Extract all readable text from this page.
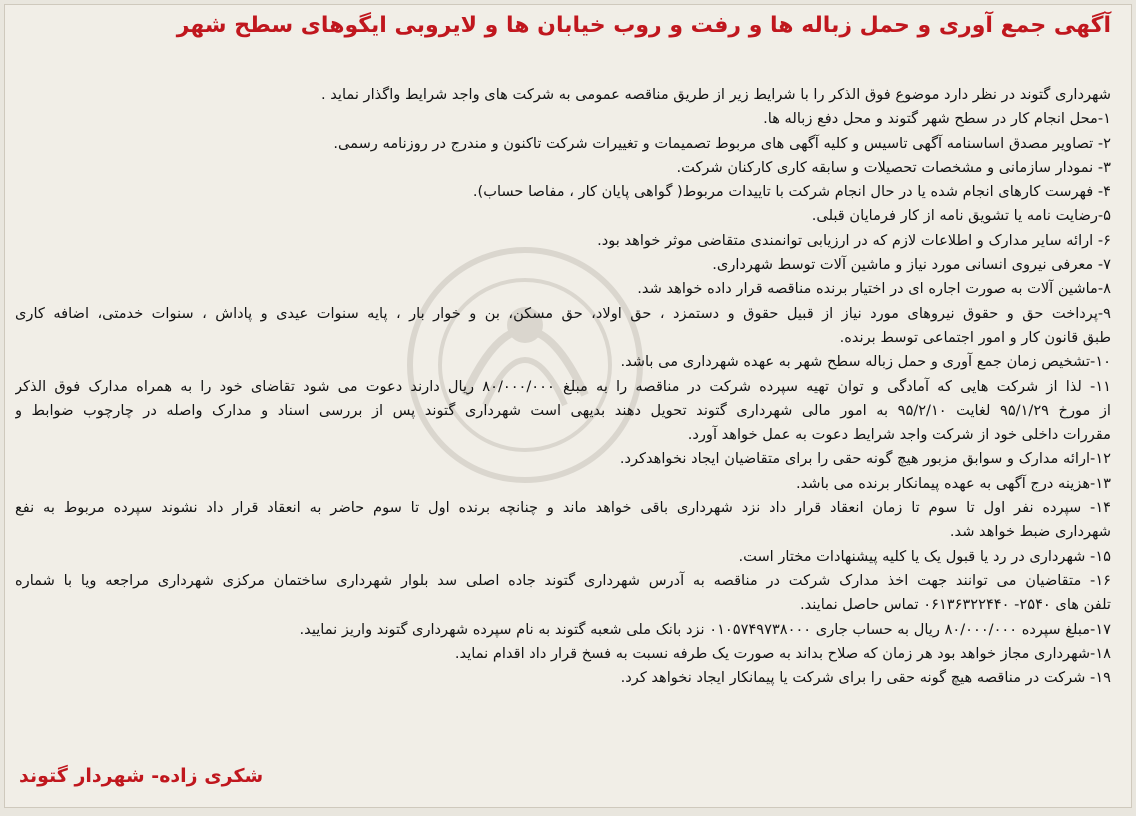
آگهی جمع آوری و حمل زباله ها و رفت و روب خیابان ها و لایروبی ایگوهای سطح شهر
شهرداری گتوند در نظر دارد موضوع فوق الذکر را با شرایط زیر از طریق مناقصه عمومی به شرکت های واجد شرایط واگذار نماید .
۱-محل انجام کار در سطح شهر گتوند و محل دفع زباله ها.
۲- تصاویر مصدق اساسنامه آگهی تاسیس و کلیه آگهی های مربوط تصمیمات و تغییرات شرکت تاکنون و مندرج در روزنامه رسمی.
۳- نمودار سازمانی و مشخصات تحصیلات و سابقه کاری کارکنان شرکت.
۴- فهرست کارهای انجام شده یا در حال انجام شرکت با تاییدات مربوط( گواهی پایان کار ، مفاصا حساب).
۵-رضایت نامه یا تشویق نامه از کار فرمایان قبلی.
۶- ارائه سایر مدارک و اطلاعات لازم که در ارزیابی توانمندی متقاضی موثر خواهد بود.
۷- معرفی نیروی انسانی مورد نیاز و ماشین آلات توسط شهرداری.
۸-ماشین آلات به صورت اجاره ای در اختیار برنده مناقصه قرار داده خواهد شد.
۹-پرداخت حق و حقوق نیروهای مورد نیاز از قبیل حقوق و دستمزد ، حق اولاد، حق مسکن، بن و خوار بار ، پایه سنوات عیدی و پاداش ، سنوات خدمتی، اضافه کاری
طبق قانون کار و امور اجتماعی توسط برنده.
۱۰-تشخیص زمان جمع آوری و حمل زباله سطح شهر به عهده شهرداری می باشد.
۱۱- لذا از شرکت هایی که آمادگی و توان تهیه سپرده شرکت در مناقصه را به مبلغ ۸۰/۰۰۰/۰۰۰ ریال دارند دعوت می شود تقاضای خود را به همراه مدارک فوق الذکر
از مورخ ۹۵/۱/۲۹ لغایت ۹۵/۲/۱۰ به امور مالی شهرداری گتوند تحویل دهند بدیهی است شهرداری گتوند پس از بررسی اسناد و مدارک واصله در چارچوب ضوابط و
مقررات داخلی خود از شرکت واجد شرایط دعوت به عمل خواهد آورد.
۱۲-ارائه مدارک و سوابق مزبور هیچ گونه حقی را برای متقاضیان ایجاد نخواهدکرد.
۱۳-هزینه درج آگهی به عهده پیمانکار برنده می باشد.
۱۴- سپرده نفر اول تا سوم تا زمان انعقاد قرار داد نزد شهرداری باقی خواهد ماند و چنانچه برنده اول تا سوم حاضر به انعقاد قرار داد نشوند سپرده مربوط به نفع
شهرداری ضبط خواهد شد.
۱۵- شهرداری در رد یا قبول یک یا کلیه پیشنهادات مختار است.
۱۶- متقاضیان می توانند جهت اخذ مدارک شرکت در مناقصه به آدرس شهرداری گتوند جاده اصلی سد بلوار شهرداری ساختمان مرکزی شهرداری مراجعه ویا با شماره
تلفن های ۲۵۴۰- ۰۶۱۳۶۳۲۲۴۴۰ تماس حاصل نمایند.
۱۷-مبلغ سپرده ۸۰/۰۰۰/۰۰۰ ریال به حساب جاری ۰۱۰۵۷۴۹۷۳۸۰۰۰ نزد بانک ملی شعبه گتوند به نام سپرده شهرداری گتوند واریز نمایید.
۱۸-شهرداری مجاز خواهد بود هر زمان که صلاح بداند به صورت یک طرفه نسبت به فسخ قرار داد اقدام نماید.
۱۹- شرکت در مناقصه هیچ گونه حقی را برای شرکت یا پیمانکار ایجاد نخواهد کرد.
شکری زاده- شهردار گتوند
